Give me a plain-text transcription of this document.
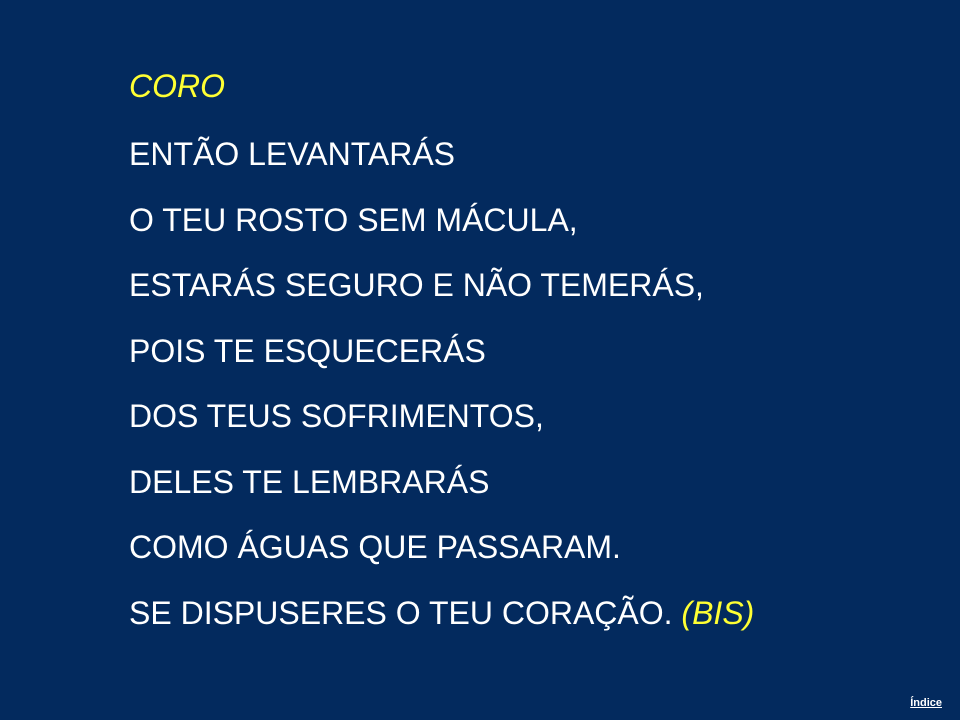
CORO
ENTÃO LEVANTARÁS
O TEU ROSTO SEM MÁCULA,
ESTARÁS SEGURO E NÃO TEMERÁS,
POIS TE ESQUECERÁS
DOS TEUS SOFRIMENTOS,
DELES TE LEMBRARÁS
COMO ÁGUAS QUE PASSARAM.
SE DISPUSERES O TEU CORAÇÃO. (BIS)
Índice
